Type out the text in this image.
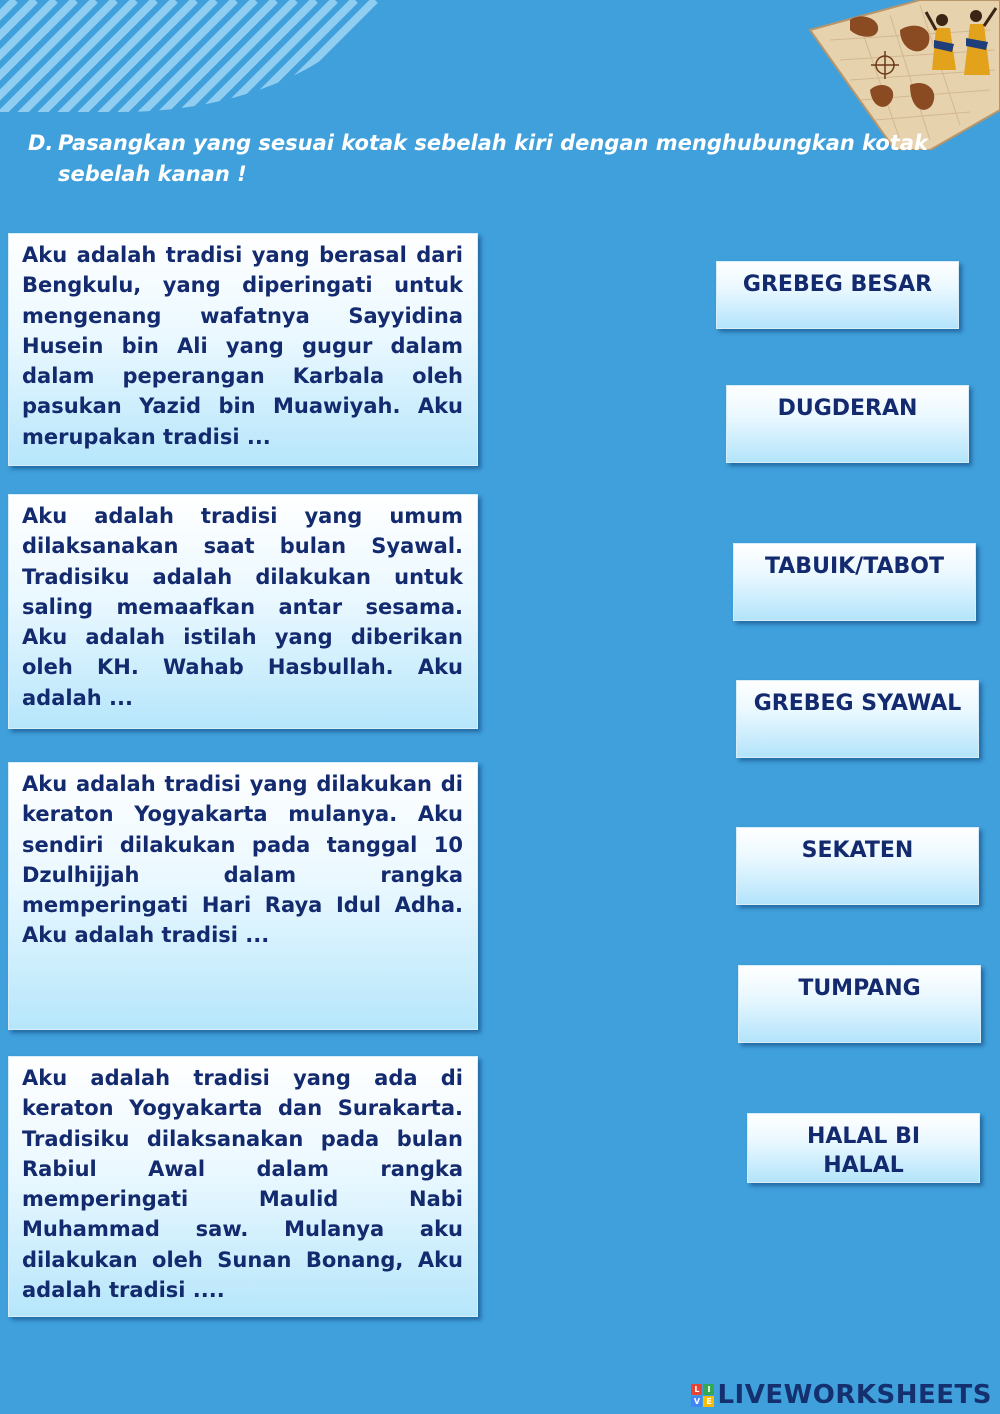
D. Pasangkan yang sesuai kotak sebelah kiri dengan menghubungkan kotak sebelah kanan !
Aku adalah tradisi yang berasal dari Bengkulu, yang diperingati untuk mengenang wafatnya Sayyidina Husein bin Ali yang gugur dalam dalam peperangan Karbala oleh pasukan Yazid bin Muawiyah. Aku merupakan tradisi ...
Aku adalah tradisi yang umum dilaksanakan saat bulan Syawal. Tradisiku adalah dilakukan untuk saling memaafkan antar sesama. Aku adalah istilah yang diberikan oleh KH. Wahab Hasbullah. Aku adalah ...
Aku adalah tradisi yang dilakukan di keraton Yogyakarta mulanya. Aku sendiri dilakukan pada tanggal 10 Dzulhijjah dalam rangka memperingati Hari Raya Idul Adha. Aku adalah tradisi ...
Aku adalah tradisi yang ada di keraton Yogyakarta dan Surakarta. Tradisiku dilaksanakan pada bulan Rabiul Awal dalam rangka memperingati Maulid Nabi Muhammad saw. Mulanya aku dilakukan oleh Sunan Bonang, Aku adalah tradisi ....
GREBEG BESAR
DUGDERAN
TABUIK/TABOT
GREBEG SYAWAL
SEKATEN
TUMPANG
HALAL BI HALAL
L I
V E LIVEWORKSHEETS
